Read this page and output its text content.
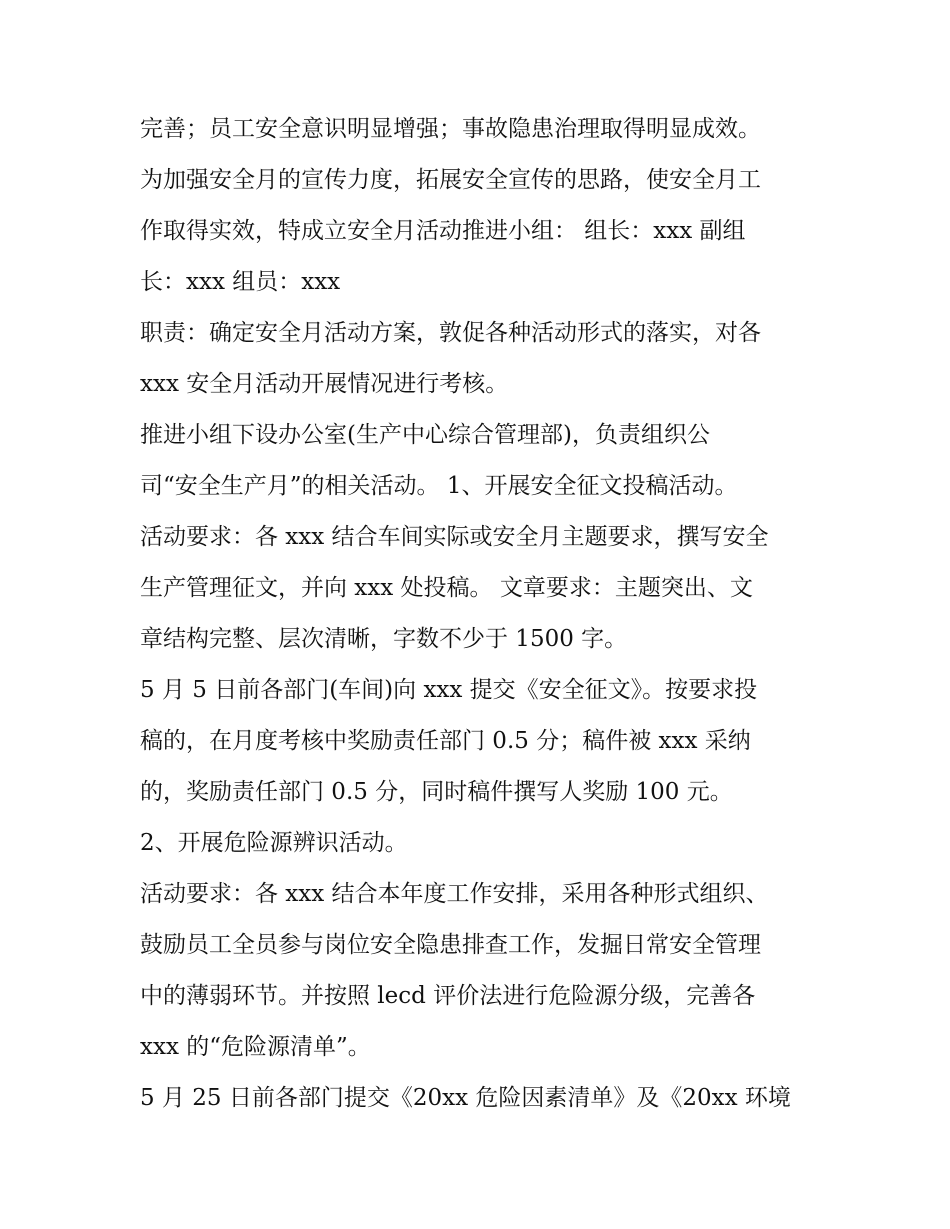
完善；员工安全意识明显增强；事故隐患治理取得明显成效。
为加强安全月的宣传力度，拓展安全宣传的思路，使安全月工
作取得实效，特成立安全月活动推进小组： 组长：xxx 副组
长：xxx 组员：xxx
职责：确定安全月活动方案，敦促各种活动形式的落实，对各
xxx 安全月活动开展情况进行考核。
推进小组下设办公室(生产中心综合管理部)，负责组织公
司“安全生产月”的相关活动。 1、开展安全征文投稿活动。
活动要求：各 xxx 结合车间实际或安全月主题要求，撰写安全
生产管理征文，并向 xxx 处投稿。 文章要求：主题突出、文
章结构完整、层次清晰，字数不少于 1500 字。
5 月 5 日前各部门(车间)向 xxx 提交《安全征文》。按要求投
稿的，在月度考核中奖励责任部门 0.5 分；稿件被 xxx 采纳
的，奖励责任部门 0.5 分，同时稿件撰写人奖励 100 元。
2、开展危险源辨识活动。
活动要求：各 xxx 结合本年度工作安排，采用各种形式组织、
鼓励员工全员参与岗位安全隐患排查工作，发掘日常安全管理
中的薄弱环节。并按照 lecd 评价法进行危险源分级，完善各
xxx 的“危险源清单”。
5 月 25 日前各部门提交《20xx 危险因素清单》及《20xx 环境
